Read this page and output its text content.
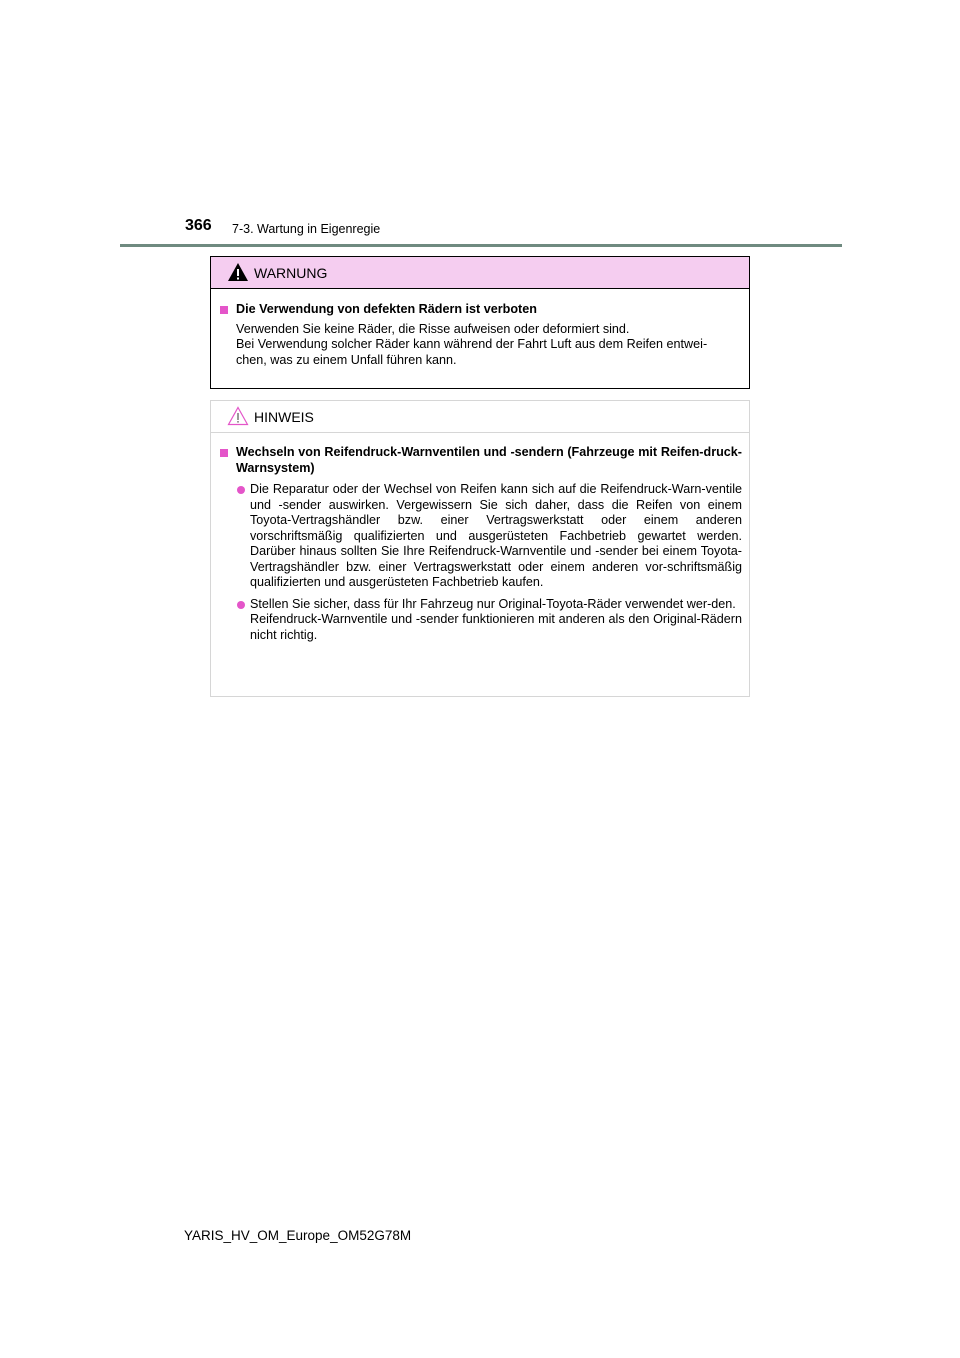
366 7-3. Wartung in Eigenregie
WARNUNG
Die Verwendung von defekten Rädern ist verboten
Verwenden Sie keine Räder, die Risse aufweisen oder deformiert sind.
Bei Verwendung solcher Räder kann während der Fahrt Luft aus dem Reifen entwei-
chen, was zu einem Unfall führen kann.
HINWEIS
Wechseln von Reifendruck-Warnventilen und -sendern (Fahrzeuge mit Reifen-druck-Warnsystem)
Die Reparatur oder der Wechsel von Reifen kann sich auf die Reifendruck-Warn-ventile und -sender auswirken. Vergewissern Sie sich daher, dass die Reifen von einem Toyota-Vertragshändler bzw. einer Vertragswerkstatt oder einem anderen vorschriftsmäßig qualifizierten und ausgerüsteten Fachbetrieb gewartet werden. Darüber hinaus sollten Sie Ihre Reifendruck-Warnventile und -sender bei einem Toyota-Vertragshändler bzw. einer Vertragswerkstatt oder einem anderen vor-schriftsmäßig qualifizierten und ausgerüsteten Fachbetrieb kaufen.
Stellen Sie sicher, dass für Ihr Fahrzeug nur Original-Toyota-Räder verwendet wer-den.
Reifendruck-Warnventile und -sender funktionieren mit anderen als den Original-Rädern nicht richtig.
YARIS_HV_OM_Europe_OM52G78M
